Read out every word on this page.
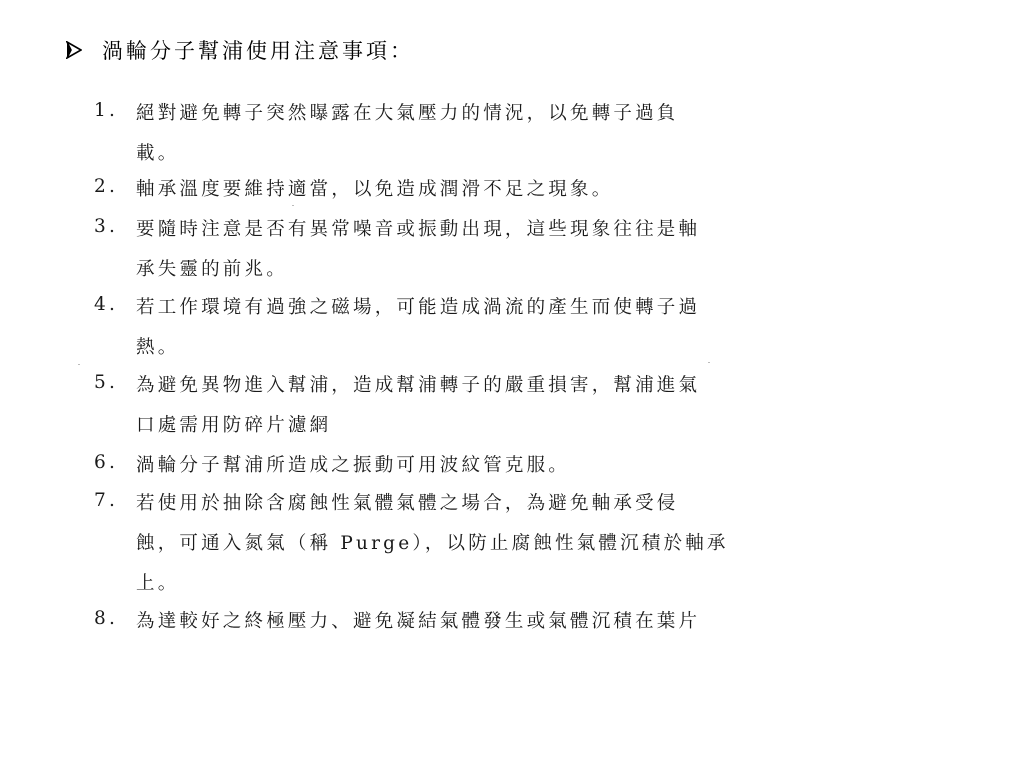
渦輪分子幫浦使用注意事項：
1. 絕對避免轉子突然曝露在大氣壓力的情況，以免轉子過負
載。
2. 軸承溫度要維持適當，以免造成潤滑不足之現象。
3. 要隨時注意是否有異常噪音或振動出現，這些現象往往是軸
承失靈的前兆。
4. 若工作環境有過強之磁場，可能造成渦流的產生而使轉子過
熱。
5. 為避免異物進入幫浦，造成幫浦轉子的嚴重損害，幫浦進氣
口處需用防碎片濾網
6. 渦輪分子幫浦所造成之振動可用波紋管克服。
7. 若使用於抽除含腐蝕性氣體氣體之場合，為避免軸承受侵
蝕，可通入氮氣（稱 Purge），以防止腐蝕性氣體沉積於軸承
上。
8. 為達較好之終極壓力、避免凝結氣體發生或氣體沉積在葉片
